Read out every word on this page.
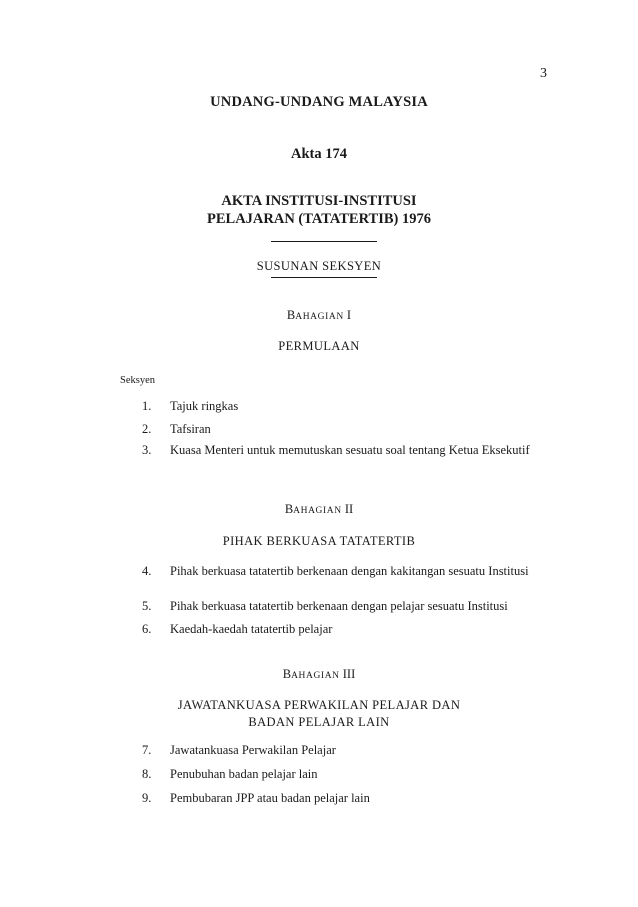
3
UNDANG-UNDANG MALAYSIA
Akta 174
AKTA INSTITUSI-INSTITUSI
PELAJARAN (TATATERTIB) 1976
SUSUNAN SEKSYEN
BAHAGIAN I
PERMULAAN
Seksyen
1.	Tajuk ringkas
2.	Tafsiran
3.	Kuasa Menteri untuk memutuskan sesuatu soal tentang Ketua Eksekutif
BAHAGIAN II
PIHAK BERKUASA TATATERTIB
4.	Pihak berkuasa tatatertib berkenaan dengan kakitangan sesuatu Institusi
5.	Pihak berkuasa tatatertib berkenaan dengan pelajar sesuatu Institusi
6.	Kaedah-kaedah tatatertib pelajar
BAHAGIAN III
JAWATANKUASA PERWAKILAN PELAJAR DAN
BADAN PELAJAR LAIN
7.	Jawatankuasa Perwakilan Pelajar
8.	Penubuhan badan pelajar lain
9.	Pembubaran JPP atau badan pelajar lain
